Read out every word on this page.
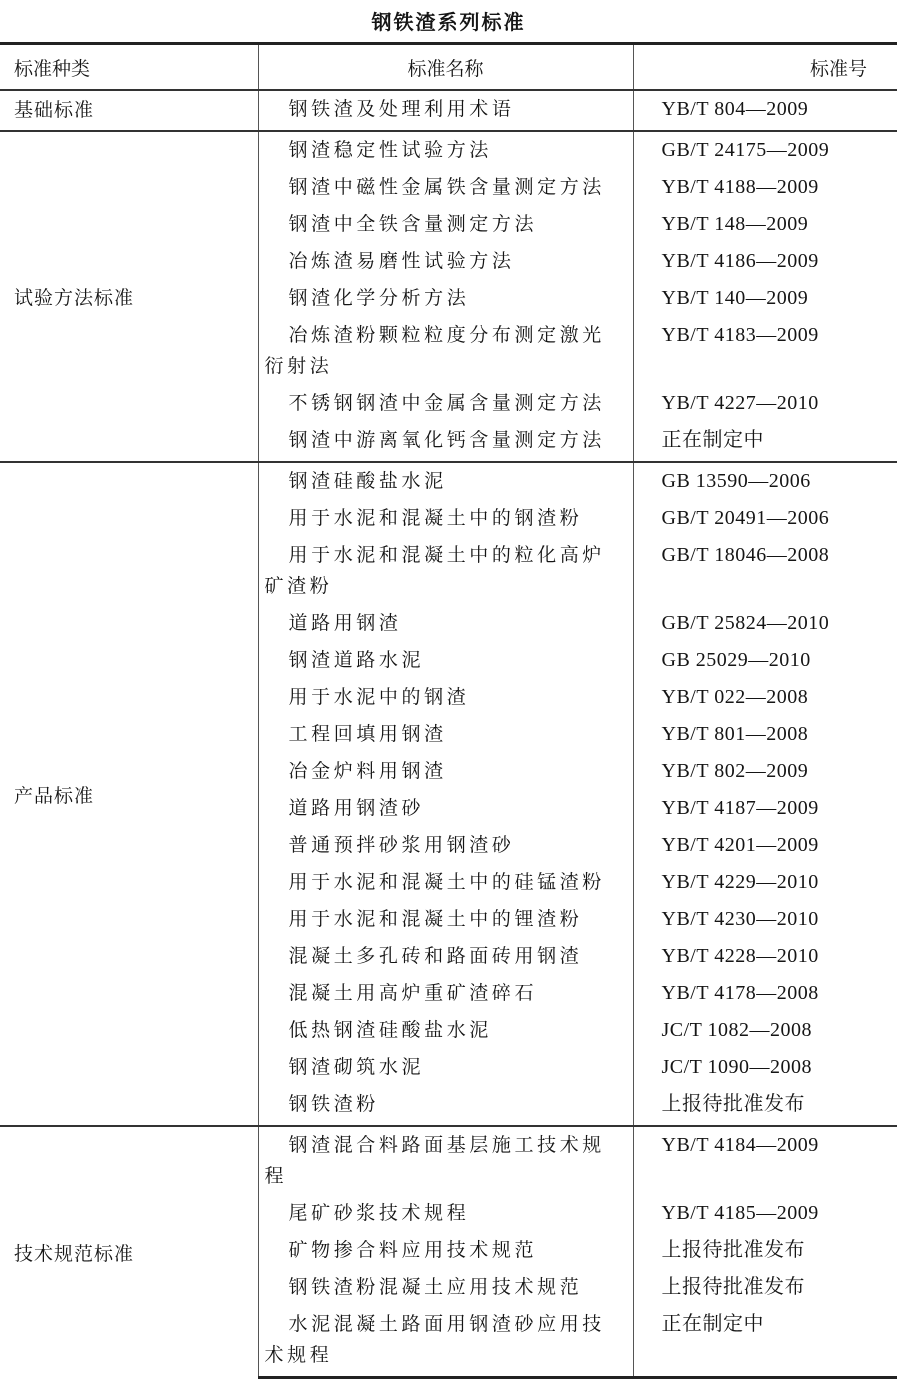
钢铁渣系列标准
标准种类	标准名称	标准号
基础标准	钢铁渣及处理利用术语	YB/T 804—2009
试验方法标准	钢渣稳定性试验方法	GB/T 24175—2009
	钢渣中磁性金属铁含量测定方法	YB/T 4188—2009
	钢渣中全铁含量测定方法	YB/T 148—2009
	冶炼渣易磨性试验方法	YB/T 4186—2009
	钢渣化学分析方法	YB/T 140—2009
	冶炼渣粉颗粒粒度分布测定激光衍射法	YB/T 4183—2009
	不锈钢钢渣中金属含量测定方法	YB/T 4227—2010
	钢渣中游离氧化钙含量测定方法	正在制定中
产品标准	钢渣硅酸盐水泥	GB 13590—2006
	用于水泥和混凝土中的钢渣粉	GB/T 20491—2006
	用于水泥和混凝土中的粒化高炉矿渣粉	GB/T 18046—2008
	道路用钢渣	GB/T 25824—2010
	钢渣道路水泥	GB 25029—2010
	用于水泥中的钢渣	YB/T 022—2008
	工程回填用钢渣	YB/T 801—2008
	冶金炉料用钢渣	YB/T 802—2009
	道路用钢渣砂	YB/T 4187—2009
	普通预拌砂浆用钢渣砂	YB/T 4201—2009
	用于水泥和混凝土中的硅锰渣粉	YB/T 4229—2010
	用于水泥和混凝土中的锂渣粉	YB/T 4230—2010
	混凝土多孔砖和路面砖用钢渣	YB/T 4228—2010
	混凝土用高炉重矿渣碎石	YB/T 4178—2008
	低热钢渣硅酸盐水泥	JC/T 1082—2008
	钢渣砌筑水泥	JC/T 1090—2008
	钢铁渣粉	上报待批准发布
技术规范标准	钢渣混合料路面基层施工技术规程	YB/T 4184—2009
	尾矿砂浆技术规程	YB/T 4185—2009
	矿物掺合料应用技术规范	上报待批准发布
	钢铁渣粉混凝土应用技术规范	上报待批准发布
	水泥混凝土路面用钢渣砂应用技术规程	正在制定中
